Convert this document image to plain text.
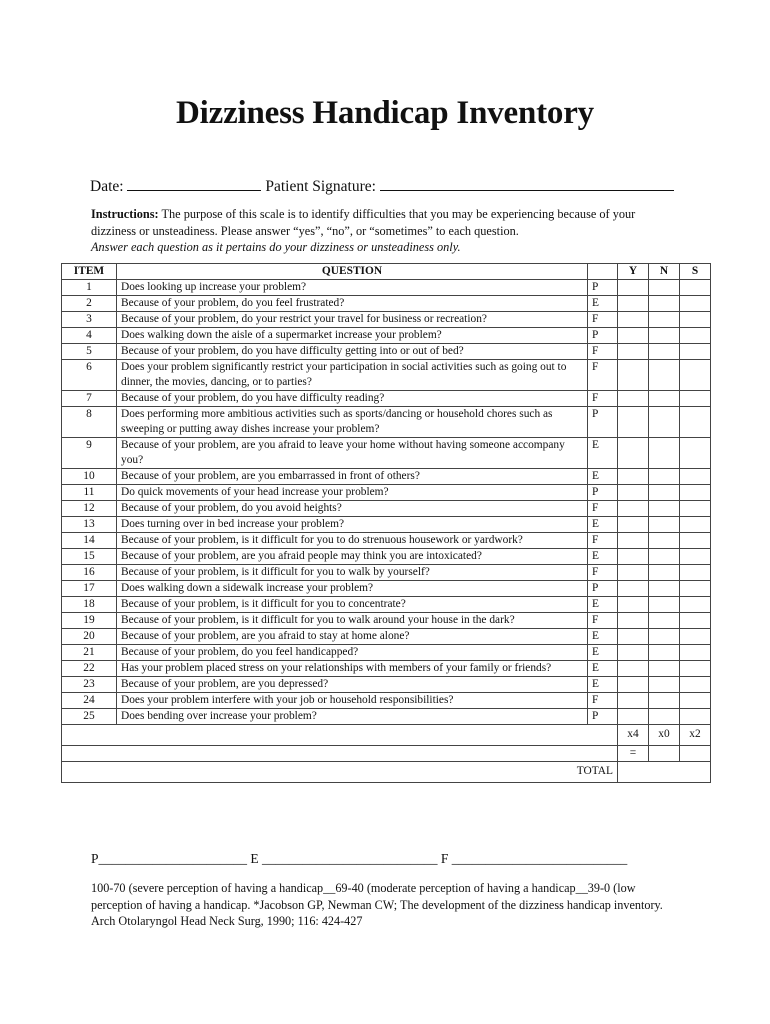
Dizziness Handicap Inventory
Date:	Patient Signature:
Instructions: The purpose of this scale is to identify difficulties that you may be experiencing because of your dizziness or unsteadiness. Please answer “yes”, “no”, or “sometimes” to each question.
Answer each question as it pertains do your dizziness or unsteadiness only.
ITEM	QUESTION		Y	N	S
1	Does looking up increase your problem?	P			
2	Because of your problem, do you feel frustrated?	E			
3	Because of your problem, do your restrict your travel for business or recreation?	F			
4	Does walking down the aisle of a supermarket increase your problem?	P			
5	Because of your problem, do you have difficulty getting into or out of bed?	F			
6	Does your problem significantly restrict your participation in social activities such as going out to dinner, the movies, dancing, or to parties?	F			
7	Because of your problem, do you have difficulty reading?	F			
8	Does performing more ambitious activities such as sports/dancing or household chores such as sweeping or putting away dishes increase your problem?	P			
9	Because of your problem, are you afraid to leave your home without having someone accompany you?	E			
10	Because of your problem, are you embarrassed in front of others?	E			
11	Do quick movements of your head increase your problem?	P			
12	Because of your problem, do you avoid heights?	F			
13	Does turning over in bed increase your problem?	E			
14	Because of your problem, is it difficult for you to do strenuous housework or yardwork?	F			
15	Because of your problem, are you afraid people may think you are intoxicated?	E			
16	Because of your problem, is it difficult for you to walk by yourself?	F			
17	Does walking down a sidewalk increase your problem?	P			
18	Because of your problem, is it difficult for you to concentrate?	E			
19	Because of your problem, is it difficult for you to walk around your house in the dark?	F			
20	Because of your problem, are you afraid to stay at home alone?	E			
21	Because of your problem, do you feel handicapped?	E			
22	Has your problem placed stress on your relationships with members of your family or friends?	E			
23	Because of your problem, are you depressed?	E			
24	Does your problem interfere with your job or household responsibilities?	F			
25	Does bending over increase your problem?	P			
			x4	x0	x2
			=		
TOTAL					
P______________________ E __________________________ F __________________________
100-70 (severe perception of having a handicap__69-40 (moderate perception of having a handicap__39-0 (low perception of having a handicap. *Jacobson GP, Newman CW; The development of the dizziness handicap inventory. Arch Otolaryngol Head Neck Surg, 1990; 116: 424-427
